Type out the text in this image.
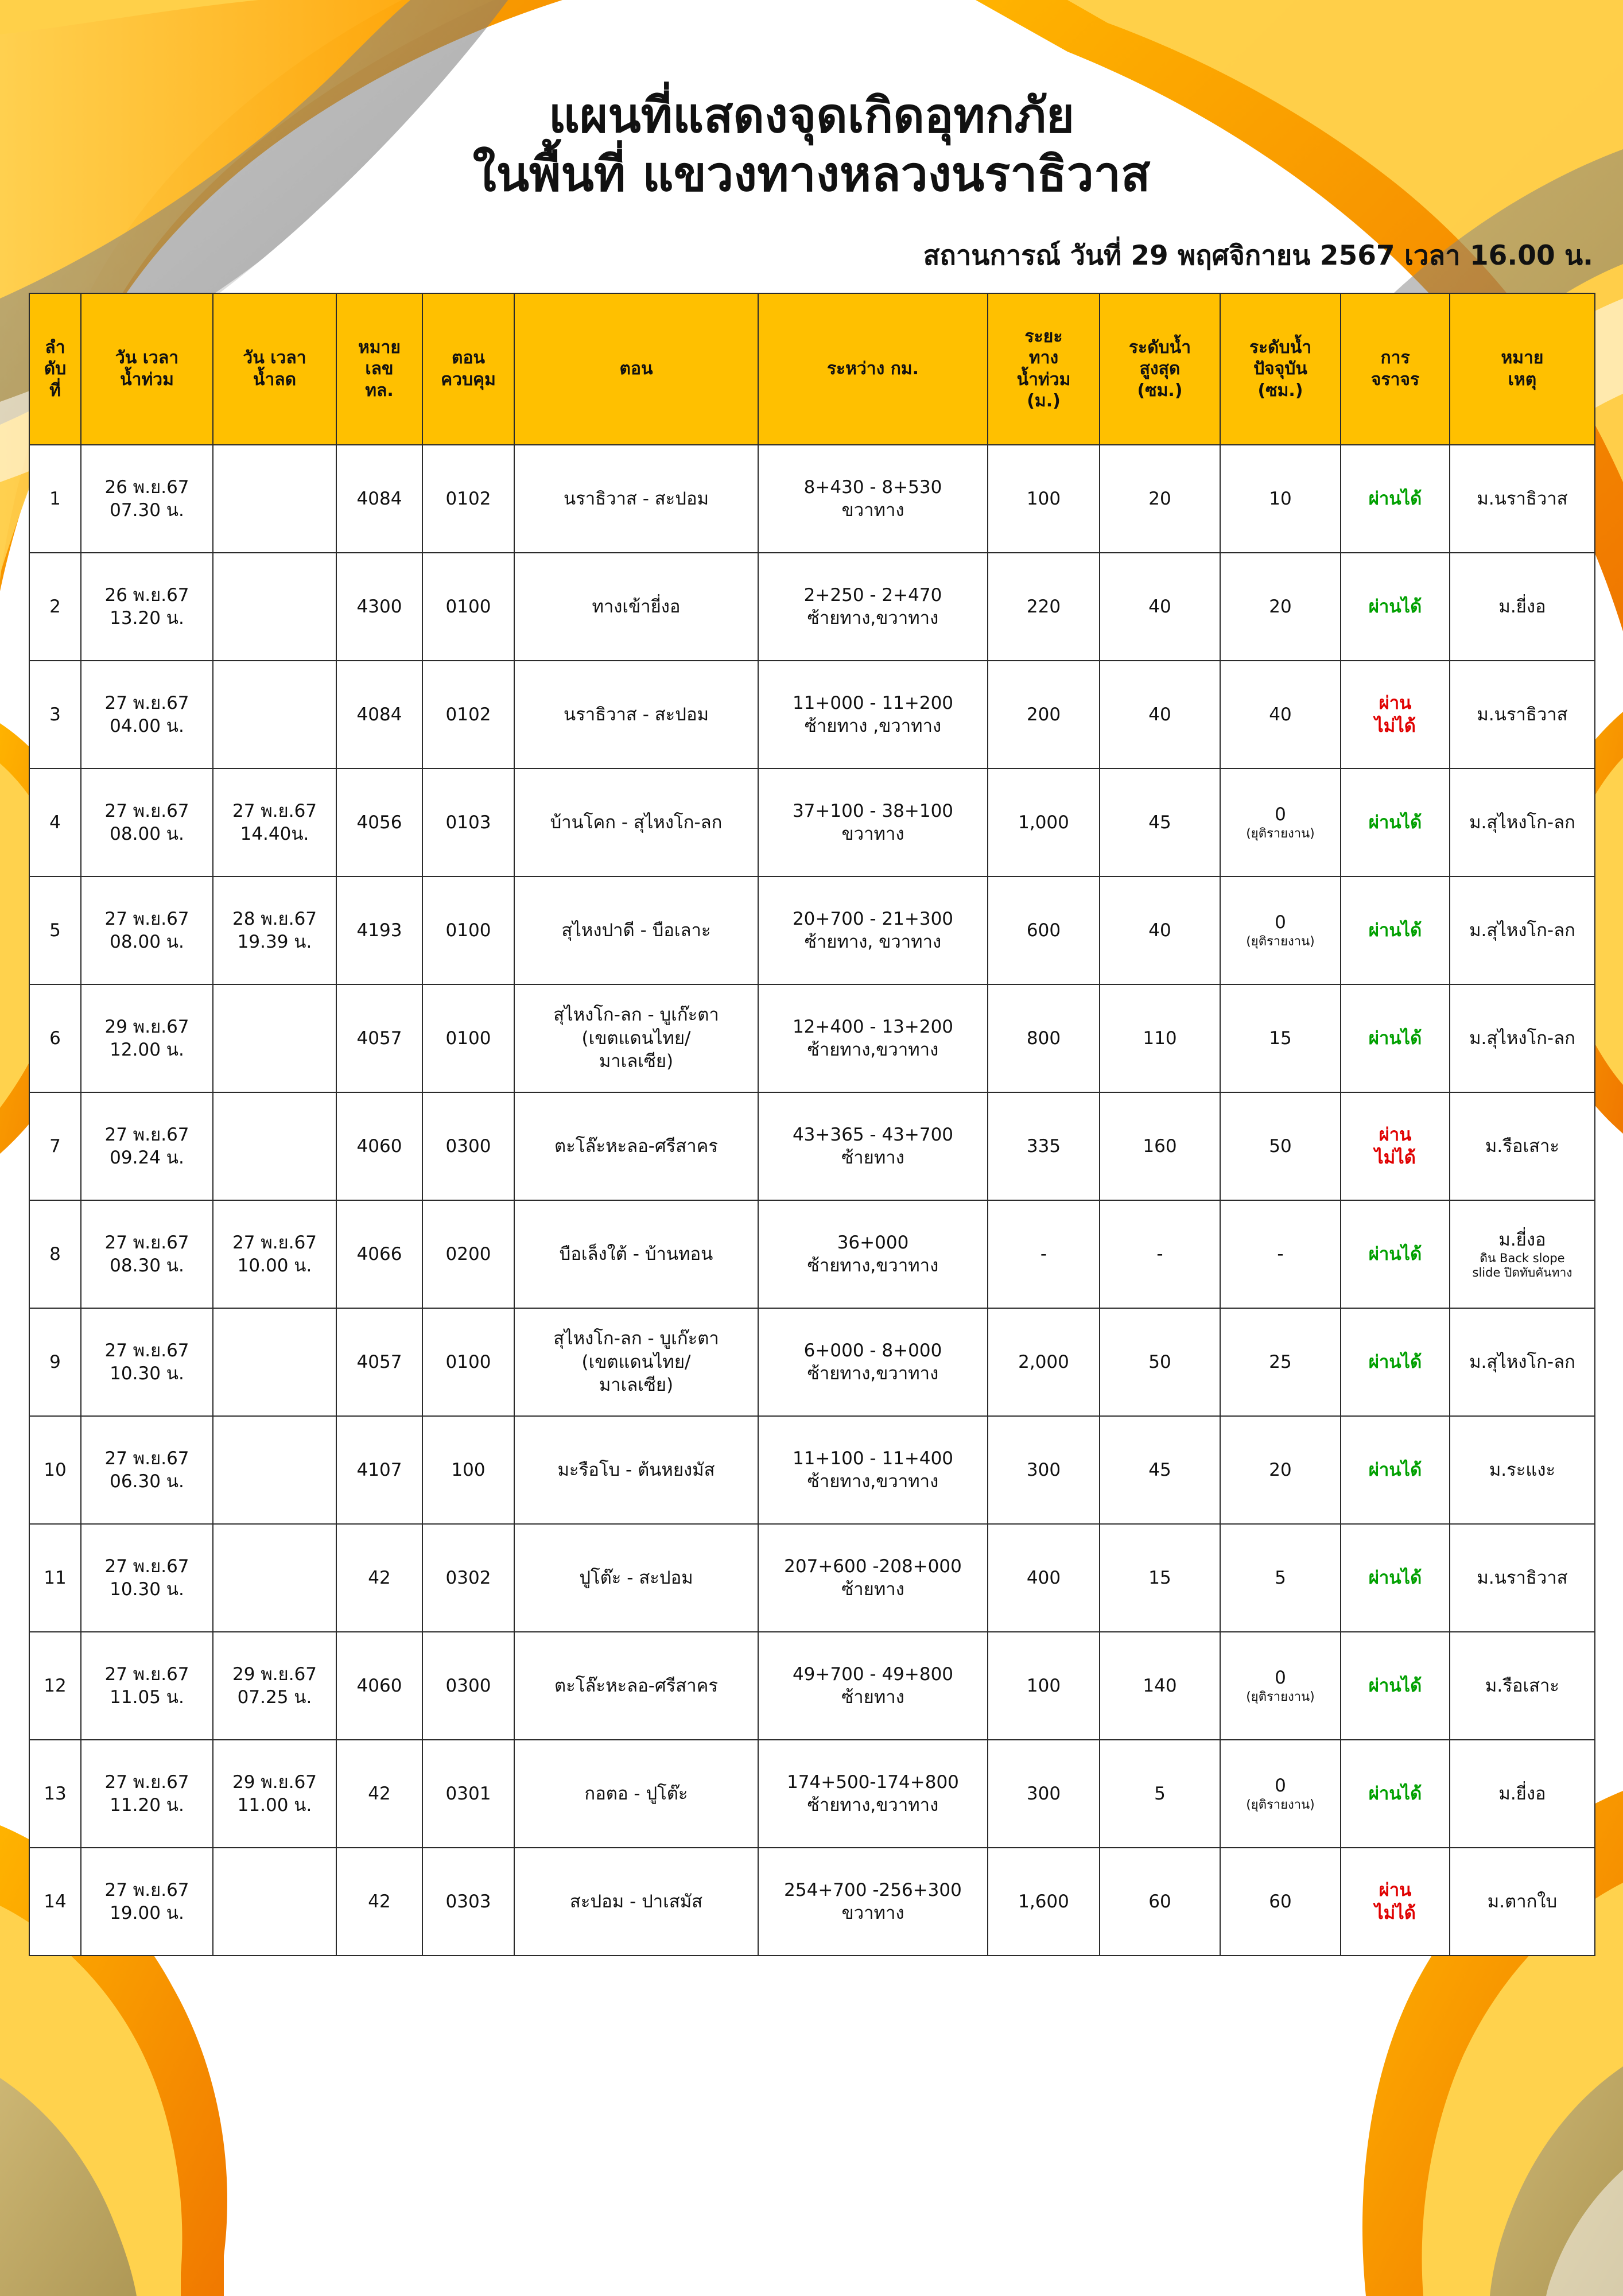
แผนที่แสดงจุดเกิดอุทกภัย
ในพื้นที่ แขวงทางหลวงนราธิวาส
สถานการณ์ วันที่ 29 พฤศจิกายน 2567 เวลา 16.00 น.
ลำ
ดับ
ที่	วัน เวลา
น้ำท่วม	วัน เวลา
น้ำลด	หมาย
เลข
ทล.	ตอน
ควบคุม	ตอน	ระหว่าง กม.	ระยะ
ทาง
น้ำท่วม
(ม.)	ระดับน้ำ
สูงสุด
(ซม.)	ระดับน้ำ
ปัจจุบัน
(ซม.)	การ
จราจร	หมาย
เหตุ
1	26 พ.ย.67
07.30 น.		4084	0102	นราธิวาส - สะปอม	8+430 - 8+530
ขวาทาง	100	20	10	ผ่านได้	ม.นราธิวาส
2	26 พ.ย.67
13.20 น.		4300	0100	ทางเข้ายี่งอ	2+250 - 2+470
ซ้ายทาง,ขวาทาง	220	40	20	ผ่านได้	ม.ยี่งอ
3	27 พ.ย.67
04.00 น.		4084	0102	นราธิวาส - สะปอม	11+000 - 11+200
ซ้ายทาง ,ขวาทาง	200	40	40	ผ่าน
ไม่ได้	ม.นราธิวาส
4	27 พ.ย.67
08.00 น.	27 พ.ย.67
14.40น.	4056	0103	บ้านโคก - สุไหงโก-ลก	37+100 - 38+100
ขวาทาง	1,000	45	0
(ยุติรายงาน)	ผ่านได้	ม.สุไหงโก-ลก
5	27 พ.ย.67
08.00 น.	28 พ.ย.67
19.39 น.	4193	0100	สุไหงปาดี - บือเลาะ	20+700 - 21+300
ซ้ายทาง, ขวาทาง	600	40	0
(ยุติรายงาน)	ผ่านได้	ม.สุไหงโก-ลก
6	29 พ.ย.67
12.00 น.		4057	0100	สุไหงโก-ลก - บูเก๊ะตา
(เขตแดนไทย/
มาเลเซีย)	12+400 - 13+200
ซ้ายทาง,ขวาทาง	800	110	15	ผ่านได้	ม.สุไหงโก-ลก
7	27 พ.ย.67
09.24 น.		4060	0300	ตะโล๊ะหะลอ-ศรีสาคร	43+365 - 43+700
ซ้ายทาง	335	160	50	ผ่าน
ไม่ได้	ม.รือเสาะ
8	27 พ.ย.67
08.30 น.	27 พ.ย.67
10.00 น.	4066	0200	บือเล็งใต้ - บ้านทอน	36+000
ซ้ายทาง,ขวาทาง	-	-	-	ผ่านได้	ม.ยี่งอ
ดิน Back slope
slide ปิดทับคันทาง

9	27 พ.ย.67
10.30 น.		4057	0100	สุไหงโก-ลก - บูเก๊ะตา
(เขตแดนไทย/
มาเลเซีย)	6+000 - 8+000
ซ้ายทาง,ขวาทาง	2,000	50	25	ผ่านได้	ม.สุไหงโก-ลก
10	27 พ.ย.67
06.30 น.		4107	100	มะรือโบ - ต้นหยงมัส	11+100 - 11+400
ซ้ายทาง,ขวาทาง	300	45	20	ผ่านได้	ม.ระแงะ
11	27 พ.ย.67
10.30 น.		42	0302	ปูโต๊ะ - สะปอม	207+600 -208+000
ซ้ายทาง	400	15	5	ผ่านได้	ม.นราธิวาส
12	27 พ.ย.67
11.05 น.	29 พ.ย.67
07.25 น.	4060	0300	ตะโล๊ะหะลอ-ศรีสาคร	49+700 - 49+800
ซ้ายทาง	100	140	0
(ยุติรายงาน)	ผ่านได้	ม.รือเสาะ
13	27 พ.ย.67
11.20 น.	29 พ.ย.67
11.00 น.	42	0301	กอตอ - ปูโต๊ะ	174+500-174+800
ซ้ายทาง,ขวาทาง	300	5	0
(ยุติรายงาน)	ผ่านได้	ม.ยี่งอ
14	27 พ.ย.67
19.00 น.		42	0303	สะปอม - ปาเสมัส	254+700 -256+300
ขวาทาง	1,600	60	60	ผ่าน
ไม่ได้	ม.ตากใบ
